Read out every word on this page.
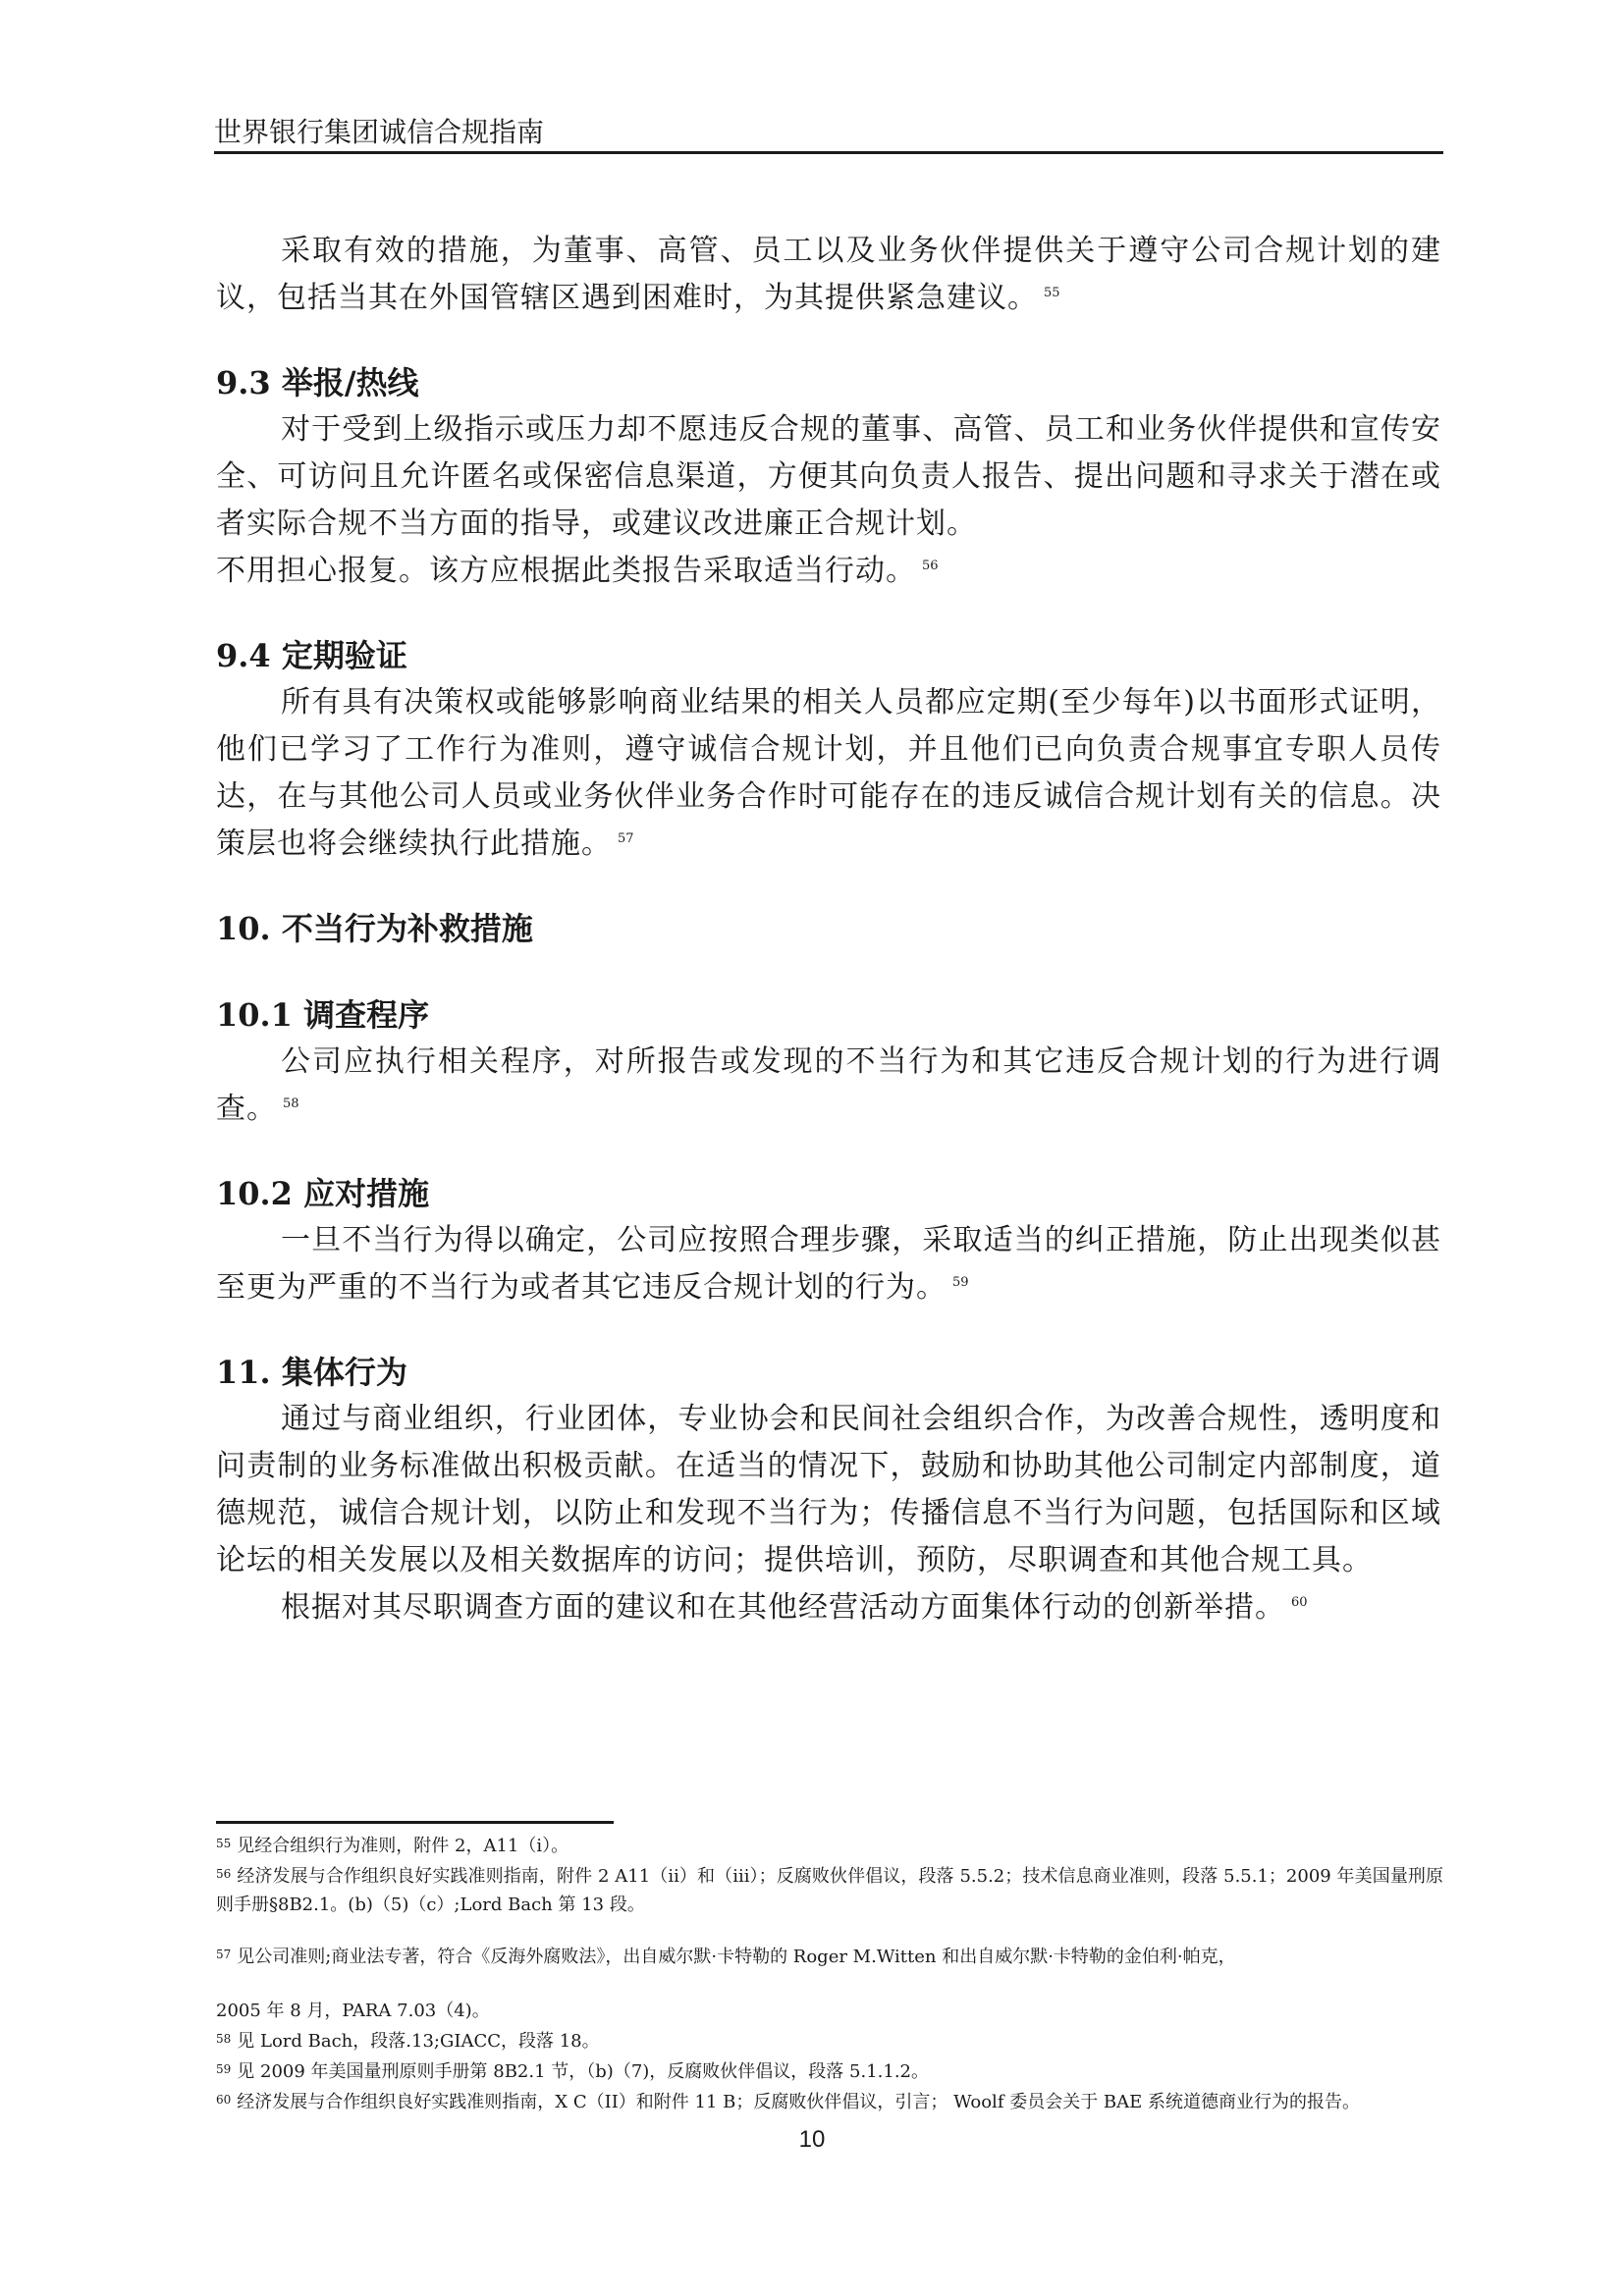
世界银行集团诚信合规指南

采取有效的措施，为董事、高管、员工以及业务伙伴提供关于遵守公司合规计划的建议，包括当其在外国管辖区遇到困难时，为其提供紧急建议。 $^{55}$

9.3 举报/热线

对于受到上级指示或压力却不愿违反合规的董事、高管、员工和业务伙伴提供和宣传安全、可访问且允许匿名或保密信息渠道，方便其向负责人报告、提出问题和寻求关于潜在或者实际合规不当方面的指导，或建议改进廉正合规计划。

不用担心报复。该方应根据此类报告采取适当行动。 $^{56}$

9.4 定期验证

所有具有决策权或能够影响商业结果的相关人员都应定期(至少每年)以书面形式证明，他们已学习了工作行为准则，遵守诚信合规计划，并且他们已向负责合规事宜专职人员传达，在与其他公司人员或业务伙伴业务合作时可能存在的违反诚信合规计划有关的信息。决策层也将会继续执行此措施。 $^{57}$

10. 不当行为补救措施
10.1 调查程序

公司应执行相关程序，对所报告或发现的不当行为和其它违反合规计划的行为进行调查。 $^{58}$

10.2 应对措施

一旦不当行为得以确定，公司应按照合理步骤，采取适当的纠正措施，防止出现类似甚至更为严重的不当行为或者其它违反合规计划的行为。 $^{59}$

11. 集体行为

通过与商业组织，行业团体，专业协会和民间社会组织合作，为改善合规性，透明度和问责制的业务标准做出积极贡献。在适当的情况下，鼓励和协助其他公司制定内部制度，道德规范，诚信合规计划，以防止和发现不当行为；传播信息不当行为问题，包括国际和区域论坛的相关发展以及相关数据库的访问；提供培训，预防，尽职调查和其他合规工具。

根据对其尽职调查方面的建议和在其他经营活动方面集体行动的创新举措。 $^{60}$

$^{55}$ 见经合组织行为准则，附件 2，A11（i）。
$^{56}$ 经济发展与合作组织良好实践准则指南，附件 2 A11（ii）和（iii）；反腐败伙伴倡议，段落 5.5.2；技术信息商业准则，段落 5.5.1；2009 年美国量刑原则手册§8B2.1。(b)（5)（c）;Lord Bach 第 13 段。
$^{57}$ 见公司准则;商业法专著，符合《反海外腐败法》，出自威尔默·卡特勒的 Roger M.Witten 和出自威尔默·卡特勒的金伯利·帕克，
2005 年 8 月，PARA 7.03（4)。
$^{58}$ 见 Lord Bach，段落.13;GIACC，段落 18。
$^{59}$ 见 2009 年美国量刑原则手册第 8B2.1 节，（b)（7)，反腐败伙伴倡议，段落 5.1.1.2。
$^{60}$ 经济发展与合作组织良好实践准则指南，X C（II）和附件 11 B；反腐败伙伴倡议，引言； Woolf 委员会关于 BAE 系统道德商业行为的报告。
10
